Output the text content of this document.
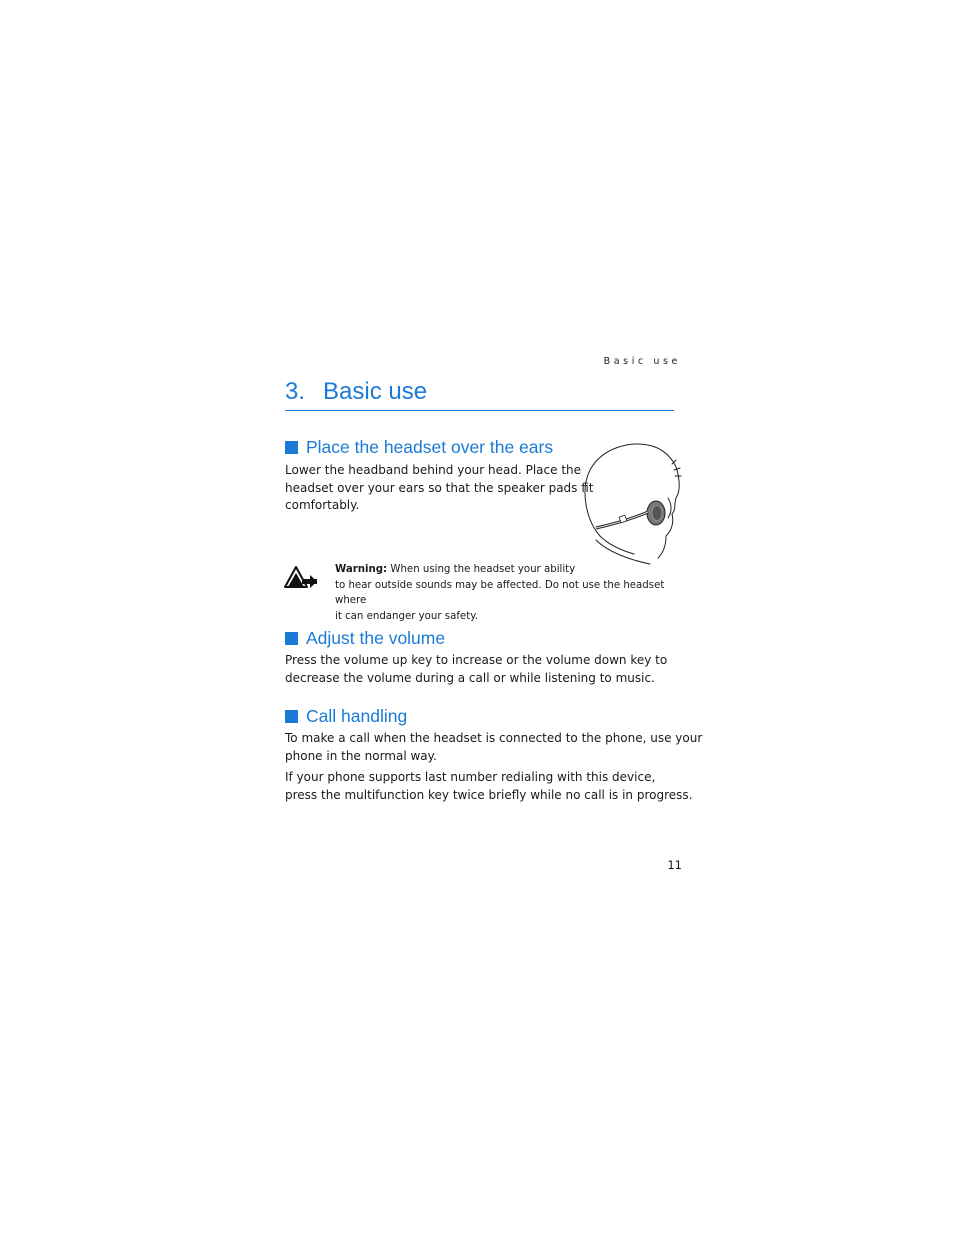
Basic use
3. Basic use
Place the headset over the ears

Lower the headband behind your head. Place the
headset over your ears so that the speaker pads fit
comfortably.

Warning: When using the headset your ability
to hear outside sounds may be affected. Do not use the headset where
it can endanger your safety.

Adjust the volume

Press the volume up key to increase or the volume down key to
decrease the volume during a call or while listening to music.

Call handling

To make a call when the headset is connected to the phone, use your
phone in the normal way.

If your phone supports last number redialing with this device,
press the multifunction key twice briefly while no call is in progress.

11
